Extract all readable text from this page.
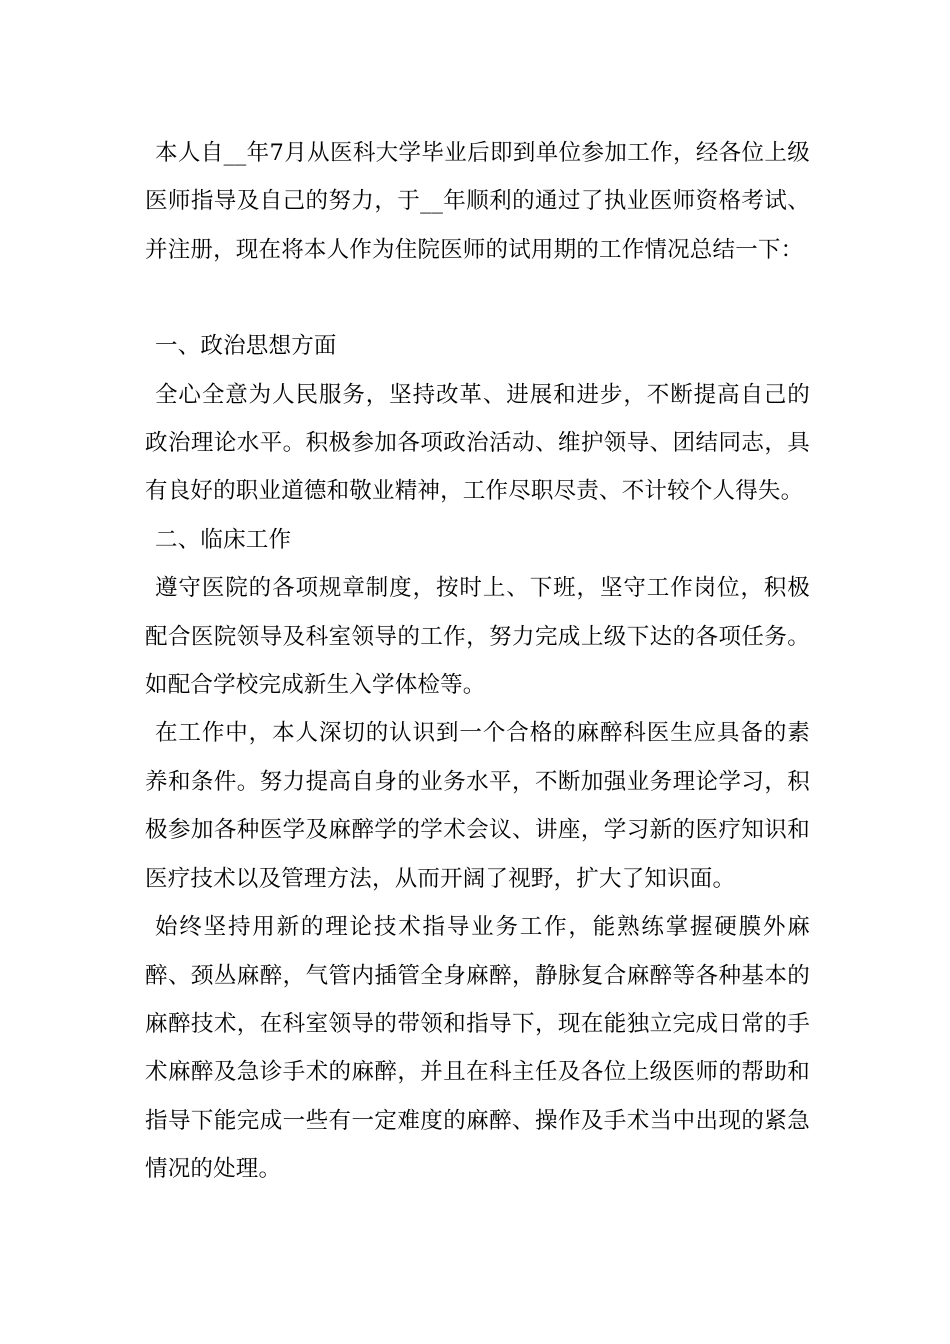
本人自__年7月从医科大学毕业后即到单位参加工作，经各位上级医师指导及自己的努力，于__年顺利的通过了执业医师资格考试、并注册，现在将本人作为住院医师的试用期的工作情况总结一下：

一、政治思想方面

全心全意为人民服务，坚持改革、进展和进步，不断提高自己的政治理论水平。积极参加各项政治活动、维护领导、团结同志，具有良好的职业道德和敬业精神，工作尽职尽责、不计较个人得失。

二、临床工作

遵守医院的各项规章制度，按时上、下班，坚守工作岗位，积极配合医院领导及科室领导的工作，努力完成上级下达的各项任务。如配合学校完成新生入学体检等。

在工作中，本人深切的认识到一个合格的麻醉科医生应具备的素养和条件。努力提高自身的业务水平，不断加强业务理论学习，积极参加各种医学及麻醉学的学术会议、讲座，学习新的医疗知识和医疗技术以及管理方法，从而开阔了视野，扩大了知识面。

始终坚持用新的理论技术指导业务工作，能熟练掌握硬膜外麻醉、颈丛麻醉，气管内插管全身麻醉，静脉复合麻醉等各种基本的麻醉技术，在科室领导的带领和指导下，现在能独立完成日常的手术麻醉及急诊手术的麻醉，并且在科主任及各位上级医师的帮助和指导下能完成一些有一定难度的麻醉、操作及手术当中出现的紧急情况的处理。
